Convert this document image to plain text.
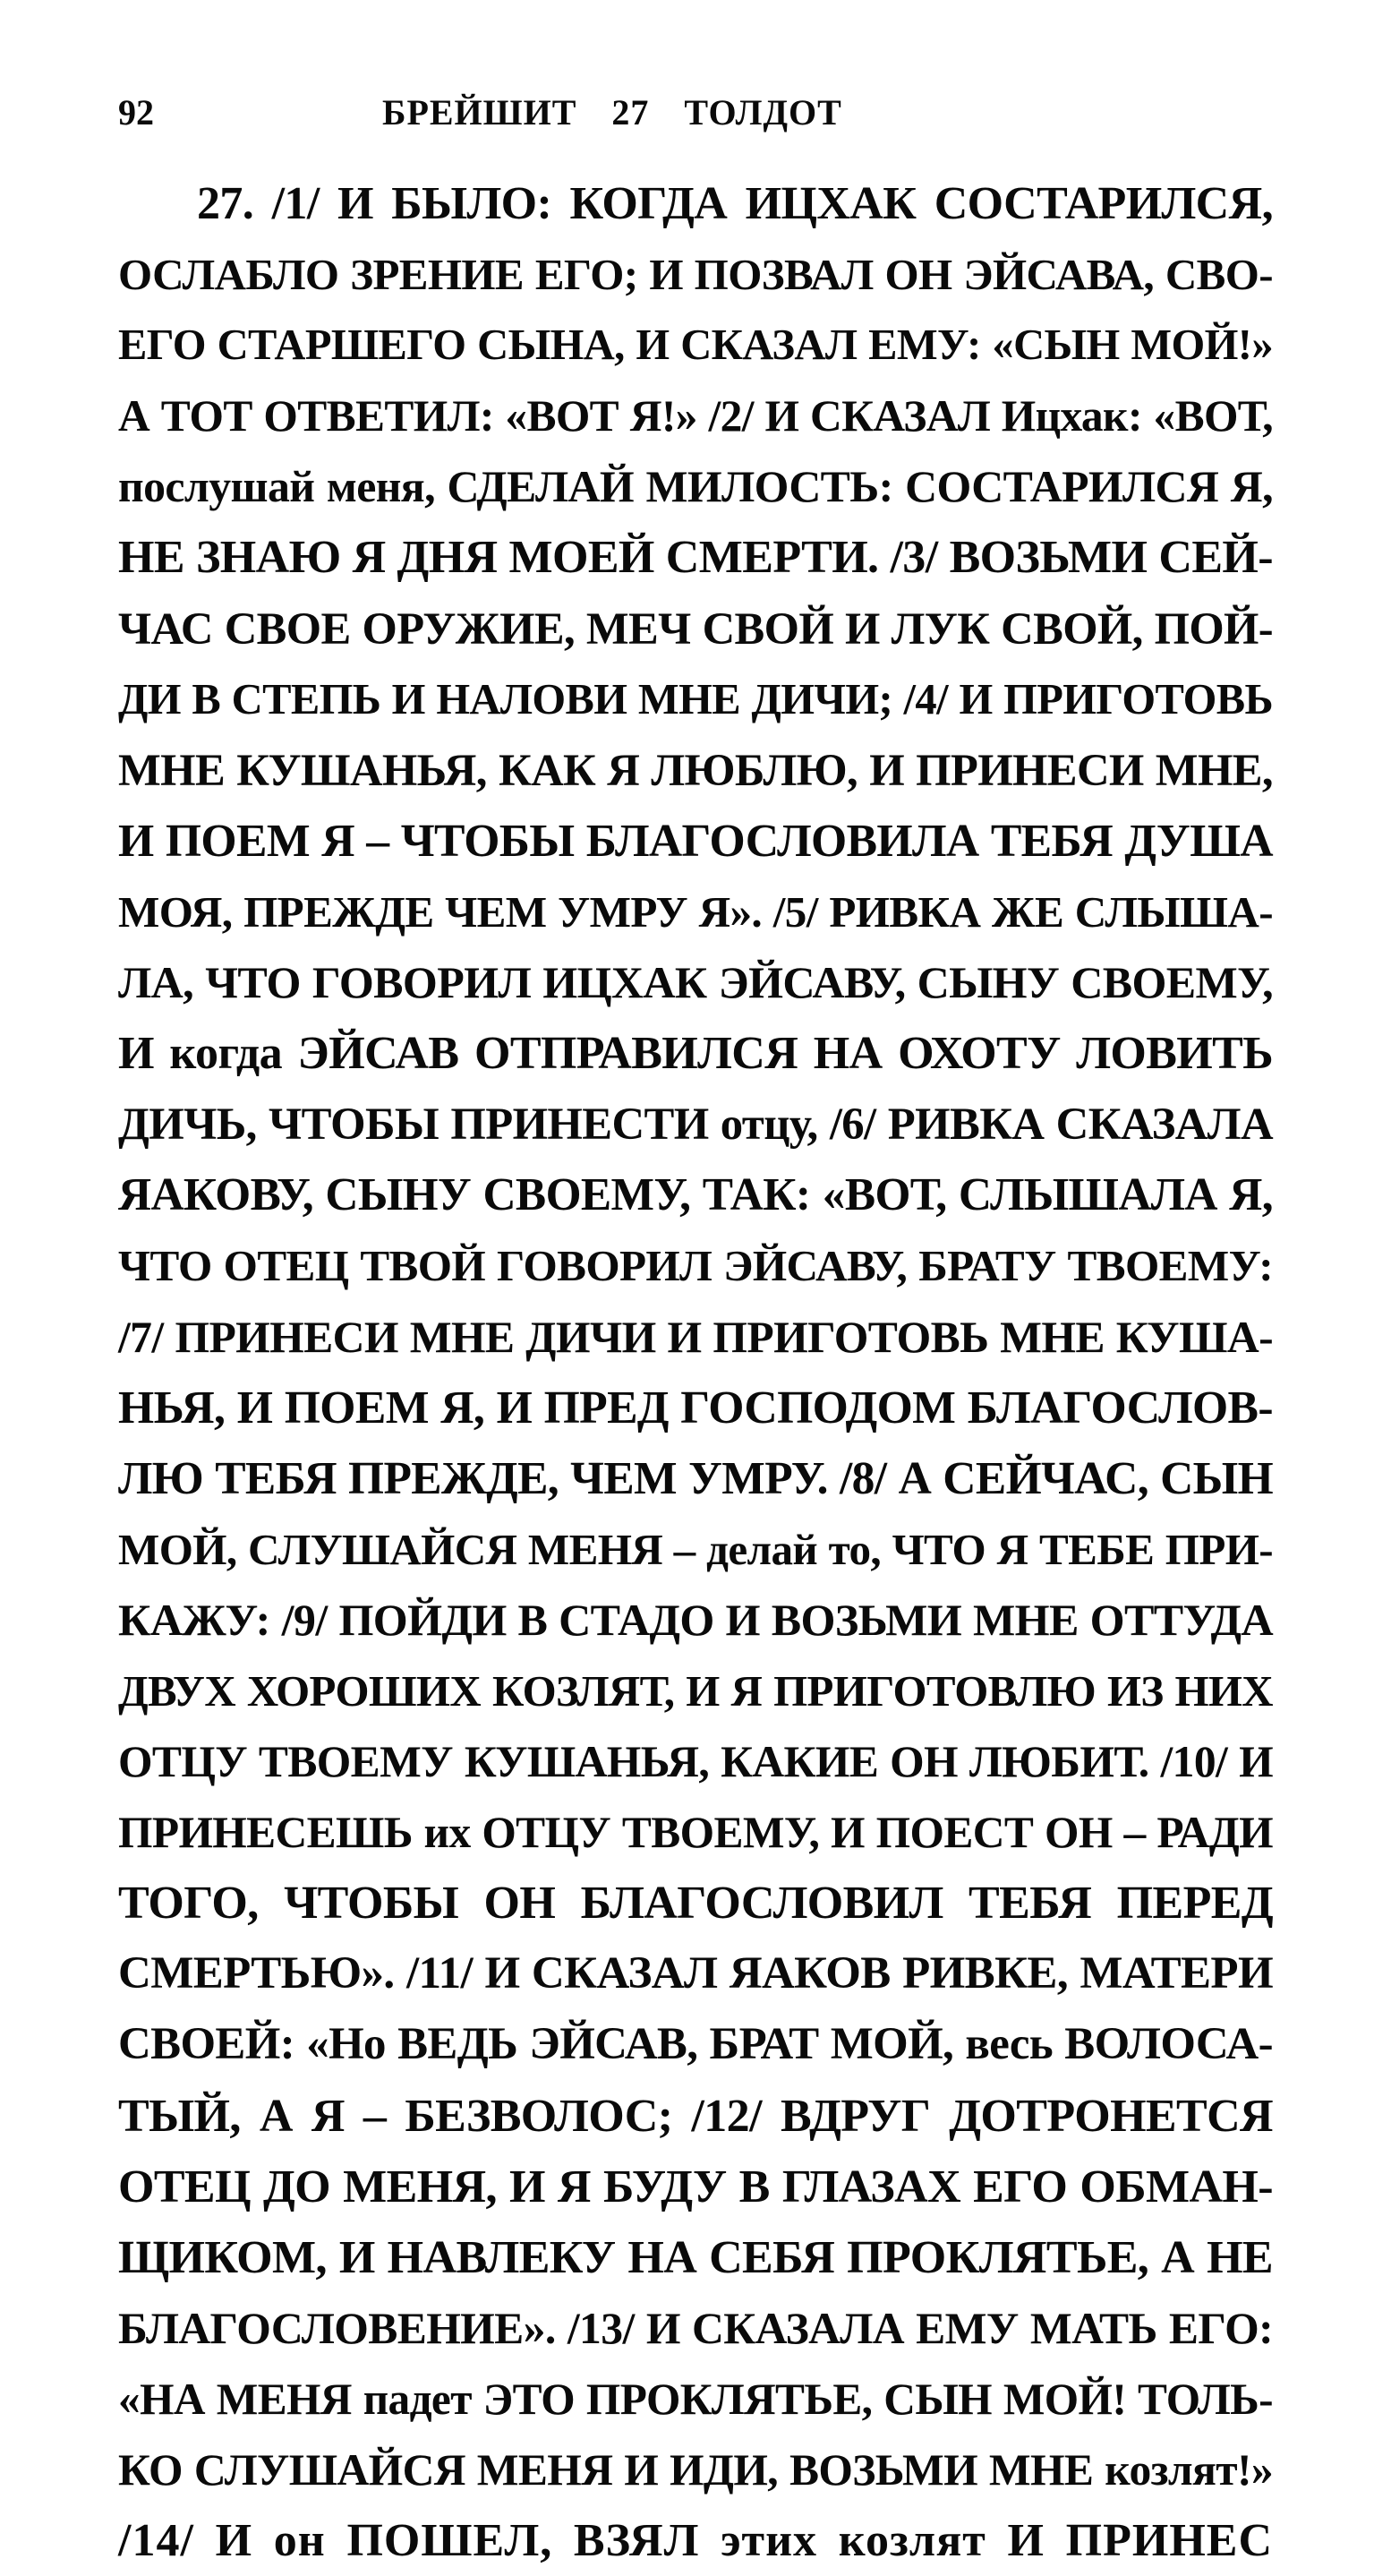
92	БРЕЙШИТ 27 ТОЛДОТ
27. /1/ И БЫЛО: КОГДА ИЦХАК СОСТАРИЛСЯ,
ОСЛАБЛО ЗРЕНИЕ ЕГО; И ПОЗВАЛ ОН ЭЙСАВА, СВО-
ЕГО СТАРШЕГО СЫНА, И СКАЗАЛ ЕМУ: «СЫН МОЙ!»
А ТОТ ОТВЕТИЛ: «ВОТ Я!» /2/ И СКАЗАЛ Ицхак: «ВОТ,
послушай меня, СДЕЛАЙ МИЛОСТЬ: СОСТАРИЛСЯ Я,
НЕ ЗНАЮ Я ДНЯ МОЕЙ СМЕРТИ. /3/ ВОЗЬМИ СЕЙ-
ЧАС СВОЕ ОРУЖИЕ, МЕЧ СВОЙ И ЛУК СВОЙ, ПОЙ-
ДИ В СТЕПЬ И НАЛОВИ МНЕ ДИЧИ; /4/ И ПРИГОТОВЬ
МНЕ КУШАНЬЯ, КАК Я ЛЮБЛЮ, И ПРИНЕСИ МНЕ,
И ПОЕМ Я – ЧТОБЫ БЛАГОСЛОВИЛА ТЕБЯ ДУША
МОЯ, ПРЕЖДЕ ЧЕМ УМРУ Я». /5/ РИВКА ЖЕ СЛЫША-
ЛА, ЧТО ГОВОРИЛ ИЦХАК ЭЙСАВУ, СЫНУ СВОЕМУ,
И когда ЭЙСАВ ОТПРАВИЛСЯ НА ОХОТУ ЛОВИТЬ
ДИЧЬ, ЧТОБЫ ПРИНЕСТИ отцу, /6/ РИВКА СКАЗАЛА
ЯАКОВУ, СЫНУ СВОЕМУ, ТАК: «ВОТ, СЛЫШАЛА Я,
ЧТО ОТЕЦ ТВОЙ ГОВОРИЛ ЭЙСАВУ, БРАТУ ТВОЕМУ:
/7/ ПРИНЕСИ МНЕ ДИЧИ И ПРИГОТОВЬ МНЕ КУША-
НЬЯ, И ПОЕМ Я, И ПРЕД ГОСПОДОМ БЛАГОСЛОВ-
ЛЮ ТЕБЯ ПРЕЖДЕ, ЧЕМ УМРУ. /8/ А СЕЙЧАС, СЫН
МОЙ, СЛУШАЙСЯ МЕНЯ – делай то, ЧТО Я ТЕБЕ ПРИ-
КАЖУ: /9/ ПОЙДИ В СТАДО И ВОЗЬМИ МНЕ ОТТУДА
ДВУХ ХОРОШИХ КОЗЛЯТ, И Я ПРИГОТОВЛЮ ИЗ НИХ
ОТЦУ ТВОЕМУ КУШАНЬЯ, КАКИЕ ОН ЛЮБИТ. /10/ И
ПРИНЕСЕШЬ их ОТЦУ ТВОЕМУ, И ПОЕСТ ОН – РАДИ
ТОГО, ЧТОБЫ ОН БЛАГОСЛОВИЛ ТЕБЯ ПЕРЕД
СМЕРТЬЮ». /11/ И СКАЗАЛ ЯАКОВ РИВКЕ, МАТЕРИ
СВОЕЙ: «Но ВЕДЬ ЭЙСАВ, БРАТ МОЙ, весь ВОЛОСА-
ТЫЙ, А Я – БЕЗВОЛОС; /12/ ВДРУГ ДОТРОНЕТСЯ
ОТЕЦ ДО МЕНЯ, И Я БУДУ В ГЛАЗАХ ЕГО ОБМАН-
ЩИКОМ, И НАВЛЕКУ НА СЕБЯ ПРОКЛЯТЬЕ, А НЕ
БЛАГОСЛОВЕНИЕ». /13/ И СКАЗАЛА ЕМУ МАТЬ ЕГО:
«НА МЕНЯ падет ЭТО ПРОКЛЯТЬЕ, СЫН МОЙ! ТОЛЬ-
КО СЛУШАЙСЯ МЕНЯ И ИДИ, ВОЗЬМИ МНЕ козлят!»
/14/ И он ПОШЕЛ, ВЗЯЛ этих козлят И ПРИНЕС
